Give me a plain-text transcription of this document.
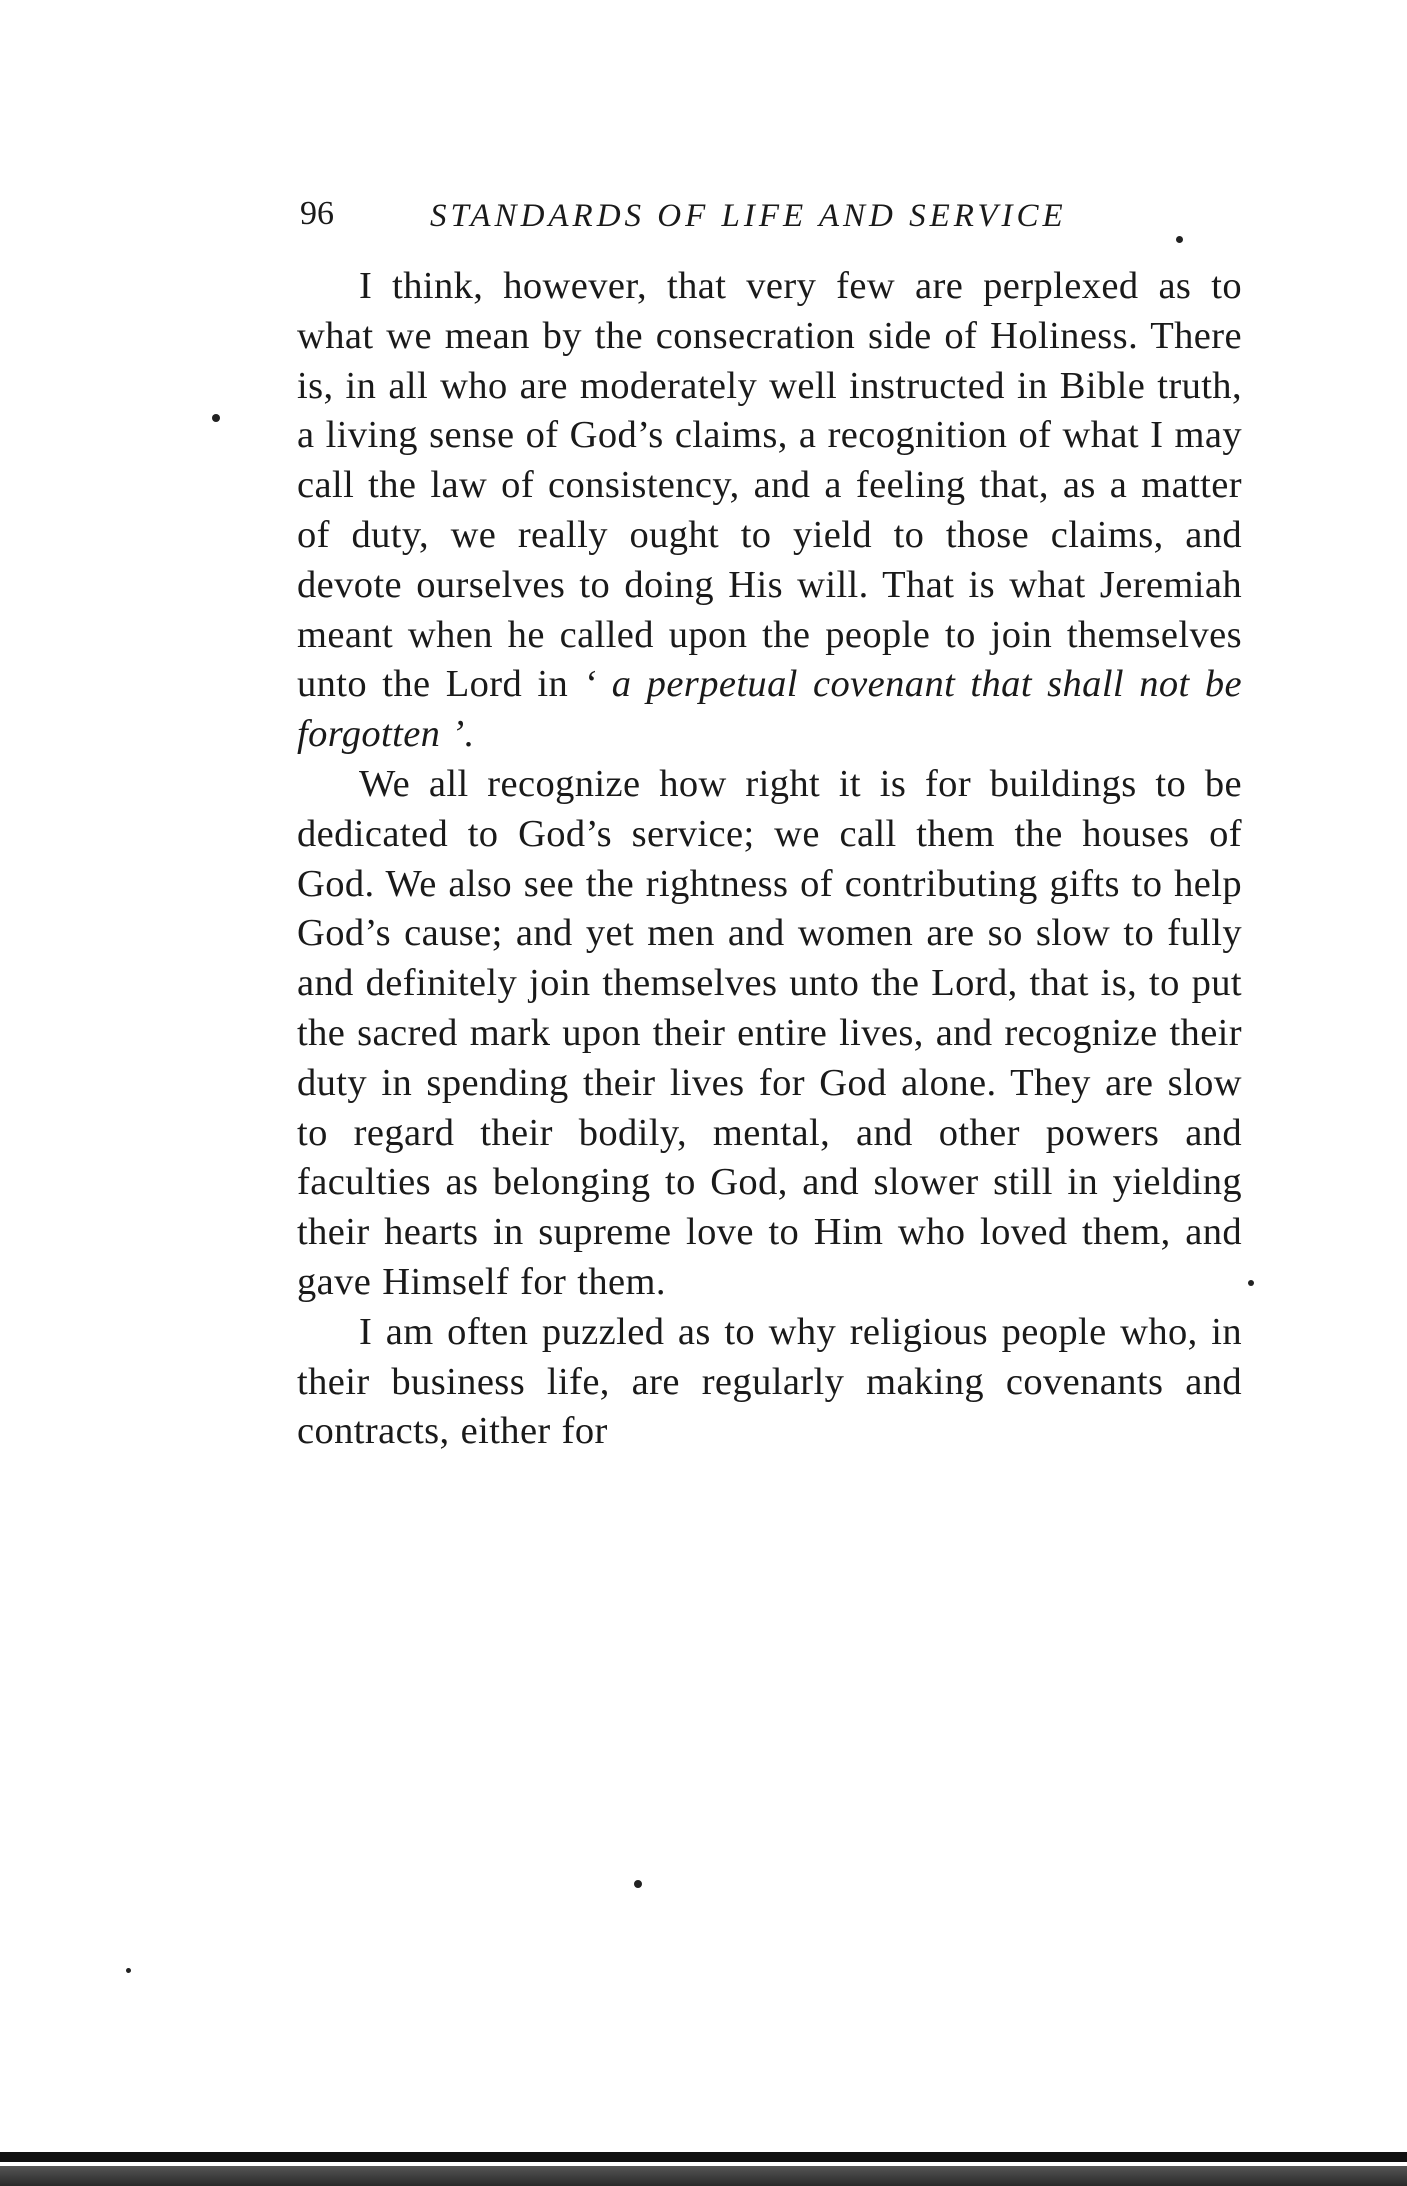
96	STANDARDS OF LIFE AND SERVICE

I think, however, that very few are perplexed as to what we mean by the consecration side of Holiness. There is, in all who are moderately well instructed in Bible truth, a living sense of God’s claims, a recognition of what I may call the law of consistency, and a feeling that, as a matter of duty, we really ought to yield to those claims, and devote ourselves to doing His will. That is what Jeremiah meant when he called upon the people to join themselves unto the Lord in ‘ a perpetual covenant that shall not be forgotten ’.

We all recognize how right it is for buildings to be dedicated to God’s service; we call them the houses of God. We also see the rightness of contributing gifts to help God’s cause; and yet men and women are so slow to fully and definitely join themselves unto the Lord, that is, to put the sacred mark upon their entire lives, and recognize their duty in spending their lives for God alone. They are slow to regard their bodily, mental, and other powers and faculties as belonging to God, and slower still in yielding their hearts in supreme love to Him who loved them, and gave Himself for them.

I am often puzzled as to why religious people who, in their business life, are regularly making covenants and contracts, either for
